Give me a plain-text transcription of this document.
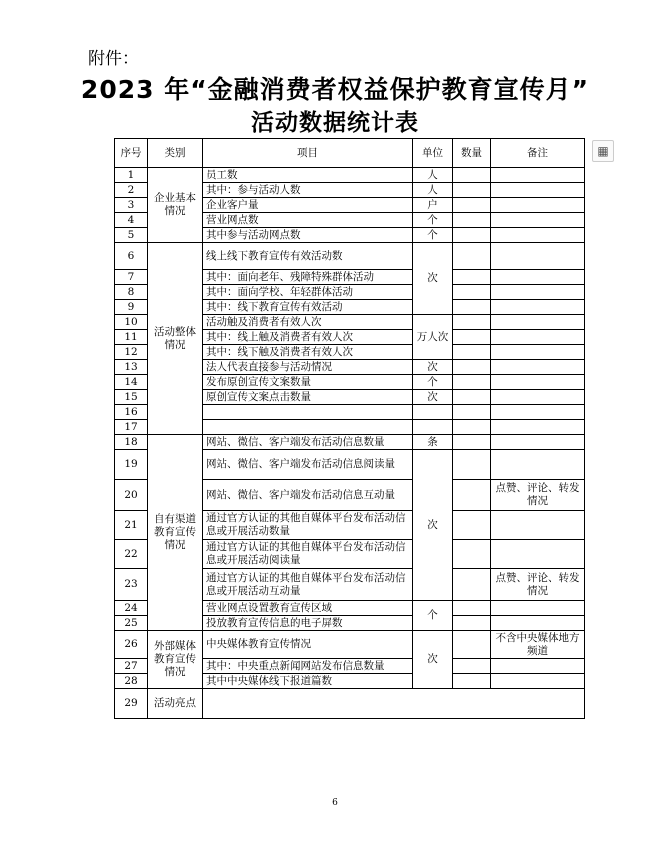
附件：
2023 年“金融消费者权益保护教育宣传月”
活动数据统计表
▦
序号	类别	项目	单位	数量	备注
1	企业基本情况	员工数	人		
2		其中：参与活动人数	人		
3		企业客户量	户		
4		营业网点数	个		
5		其中参与活动网点数	个		
6	活动整体情况	线上线下教育宣传有效活动数	次		
7		其中：面向老年、残障特殊群体活动			
8		其中：面向学校、年轻群体活动			
9		其中：线下教育宣传有效活动			
10		活动触及消费者有效人次	万人次		
11		其中：线上触及消费者有效人次			
12		其中：线下触及消费者有效人次			
13		法人代表直接参与活动情况	次		
14		发布原创宣传文案数量	个		
15		原创宣传文案点击数量	次		
16					
17					
18	自有渠道教育宣传情况	网站、微信、客户端发布活动信息数量	条		
19		网站、微信、客户端发布活动信息阅读量	次		
20		网站、微信、客户端发布活动信息互动量			点赞、评论、转发情况
21		通过官方认证的其他自媒体平台发布活动信息或开展活动数量			
22		通过官方认证的其他自媒体平台发布活动信息或开展活动阅读量			
23		通过官方认证的其他自媒体平台发布活动信息或开展活动互动量			点赞、评论、转发情况
24		营业网点设置教育宣传区域	个		
25		投放教育宣传信息的电子屏数			
26	外部媒体教育宣传情况	中央媒体教育宣传情况	次		不含中央媒体地方频道
27		其中：中央重点新闻网站发布信息数量			
28		其中中央媒体线下报道篇数			
29	活动亮点				
6
